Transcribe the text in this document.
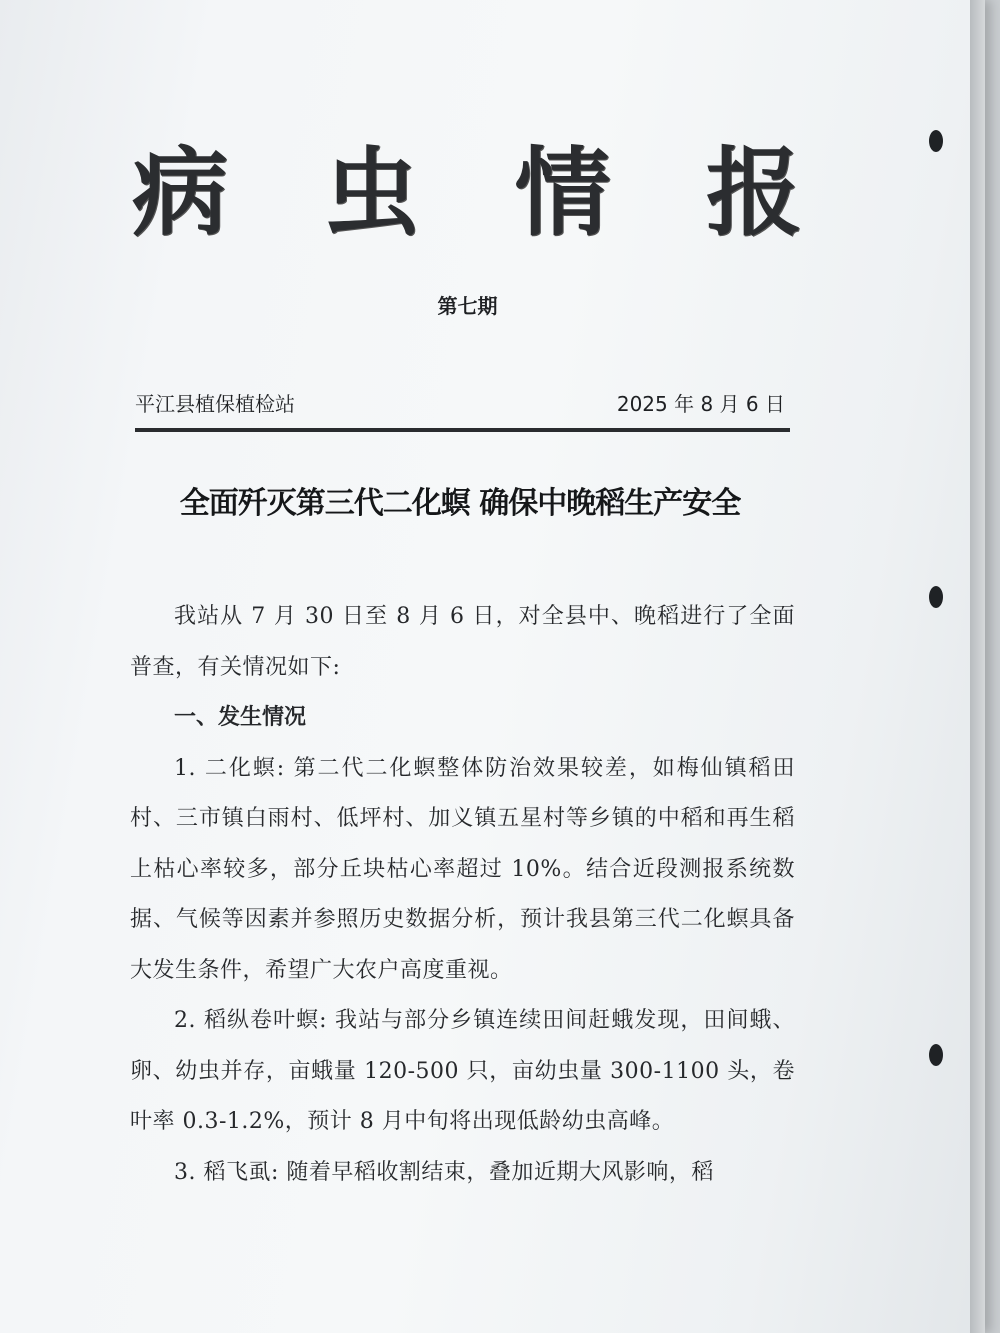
病 虫 情 报
第七期
平江县植保植检站	2025 年 8 月 6 日
全面歼灭第三代二化螟 确保中晚稻生产安全

我站从 7 月 30 日至 8 月 6 日，对全县中、晚稻进行了全面普查，有关情况如下:

一、发生情况

1. 二化螟: 第二代二化螟整体防治效果较差，如梅仙镇稻田村、三市镇白雨村、低坪村、加义镇五星村等乡镇的中稻和再生稻上枯心率较多，部分丘块枯心率超过 10%。结合近段测报系统数据、气候等因素并参照历史数据分析，预计我县第三代二化螟具备大发生条件，希望广大农户高度重视。

2. 稻纵卷叶螟: 我站与部分乡镇连续田间赶蛾发现，田间蛾、卵、幼虫并存，亩蛾量 120-500 只，亩幼虫量 300-1100 头，卷叶率 0.3-1.2%，预计 8 月中旬将出现低龄幼虫高峰。

3. 稻飞虱: 随着早稻收割结束，叠加近期大风影响，稻
